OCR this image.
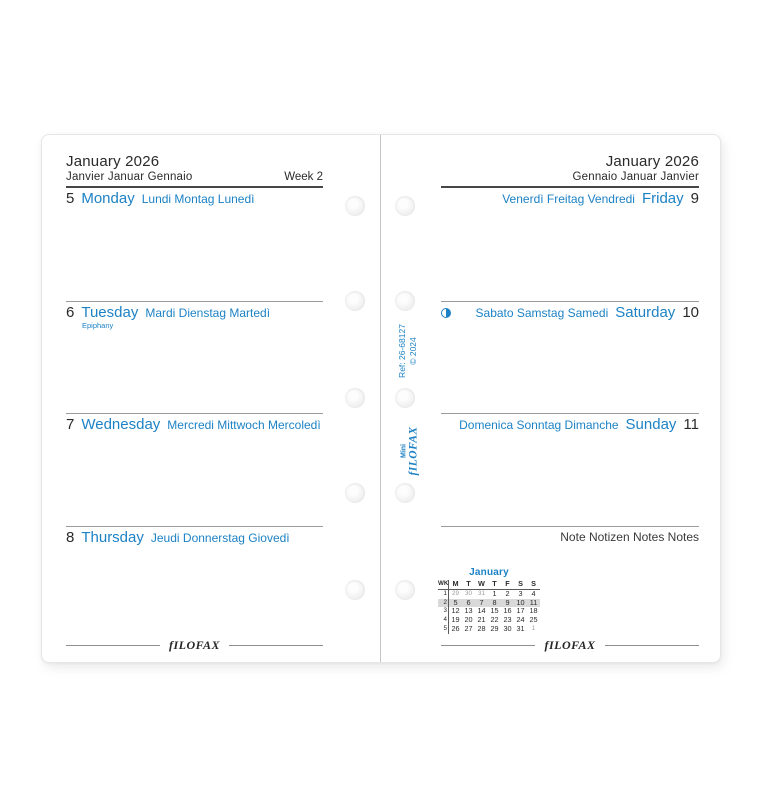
Ref: 26-68127 © 2024
Mini fILOFAX
January 2026
Janvier Januar Gennaio	Week 2
5 Monday Lundi Montag Lunedì
6 Tuesday Mardi Dienstag Martedì
Epiphany
7 Wednesday Mercredi Mittwoch Mercoledì
8 Thursday Jeudi Donnerstag Giovedì
fILOFAX
January 2026
Gennaio Januar Janvier
Venerdì Freitag Vendredi Friday 9
Sabato Samstag Samedi Saturday 10
Domenica Sonntag Dimanche Sunday 11
Note Notizen Notes Notes
fILOFAX
January
WK M	T	W	T	F	S	S
1 29 30 31	1	2	3	4
2 5	6	7	8	9 10 11
3 12 13 14 15 16 17 18
4 19 20 21 22 23 24 25
5 26 27 28 29 30 31	1
